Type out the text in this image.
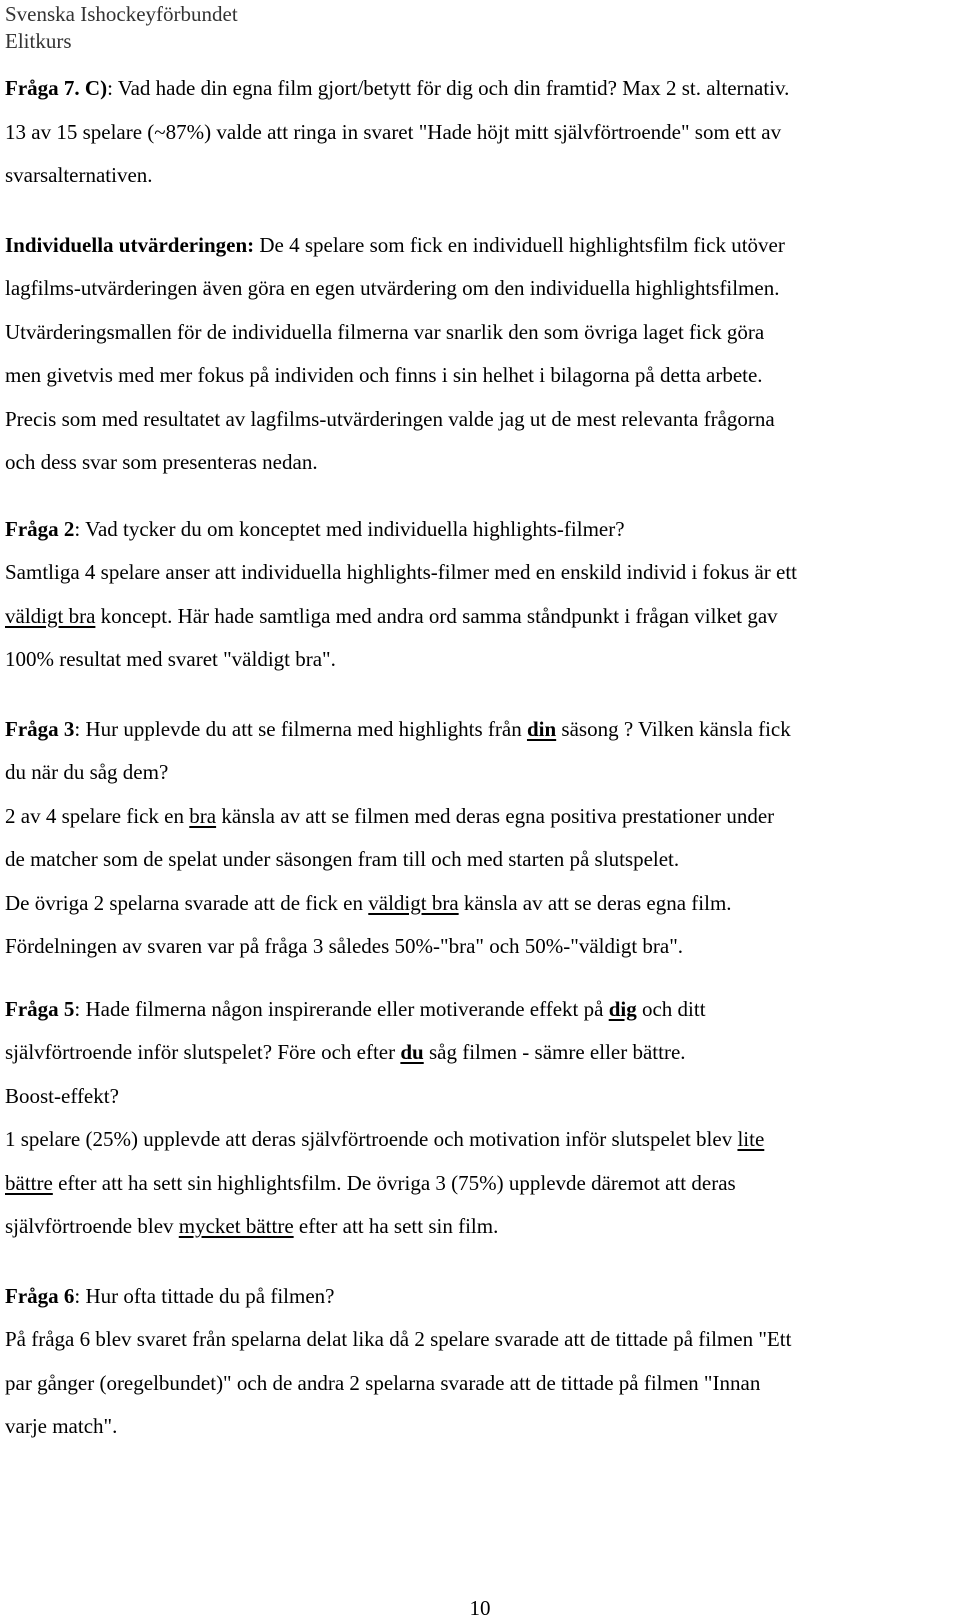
Svenska Ishockeyförbundet
Elitkurs

Fråga 7. C): Vad hade din egna film gjort/betytt för dig och din framtid? Max 2 st. alternativ.

13 av 15 spelare (~87%) valde att ringa in svaret "Hade höjt mitt självförtroende" som ett av

svarsalternativen.

Individuella utvärderingen: De 4 spelare som fick en individuell highlightsfilm fick utöver

lagfilms-utvärderingen även göra en egen utvärdering om den individuella highlightsfilmen.

Utvärderingsmallen för de individuella filmerna var snarlik den som övriga laget fick göra

men givetvis med mer fokus på individen och finns i sin helhet i bilagorna på detta arbete.

Precis som med resultatet av lagfilms-utvärderingen valde jag ut de mest relevanta frågorna

och dess svar som presenteras nedan.

Fråga 2: Vad tycker du om konceptet med individuella highlights-filmer?

Samtliga 4 spelare anser att individuella highlights-filmer med en enskild individ i fokus är ett

väldigt bra koncept. Här hade samtliga med andra ord samma ståndpunkt i frågan vilket gav

100% resultat med svaret "väldigt bra".

Fråga 3: Hur upplevde du att se filmerna med highlights från din säsong ? Vilken känsla fick

du när du såg dem?

2 av 4 spelare fick en bra känsla av att se filmen med deras egna positiva prestationer under

de matcher som de spelat under säsongen fram till och med starten på slutspelet.

De övriga 2 spelarna svarade att de fick en väldigt bra känsla av att se deras egna film.

Fördelningen av svaren var på fråga 3 således 50%-"bra" och 50%-"väldigt bra".

Fråga 5: Hade filmerna någon inspirerande eller motiverande effekt på dig och ditt

självförtroende inför slutspelet? Före och efter du såg filmen - sämre eller bättre.

Boost-effekt?

1 spelare (25%) upplevde att deras självförtroende och motivation inför slutspelet blev lite

bättre efter att ha sett sin highlightsfilm. De övriga 3 (75%) upplevde däremot att deras

självförtroende blev mycket bättre efter att ha sett sin film.

Fråga 6: Hur ofta tittade du på filmen?

På fråga 6 blev svaret från spelarna delat lika då 2 spelare svarade att de tittade på filmen "Ett

par gånger (oregelbundet)" och de andra 2 spelarna svarade att de tittade på filmen "Innan

varje match".

10
